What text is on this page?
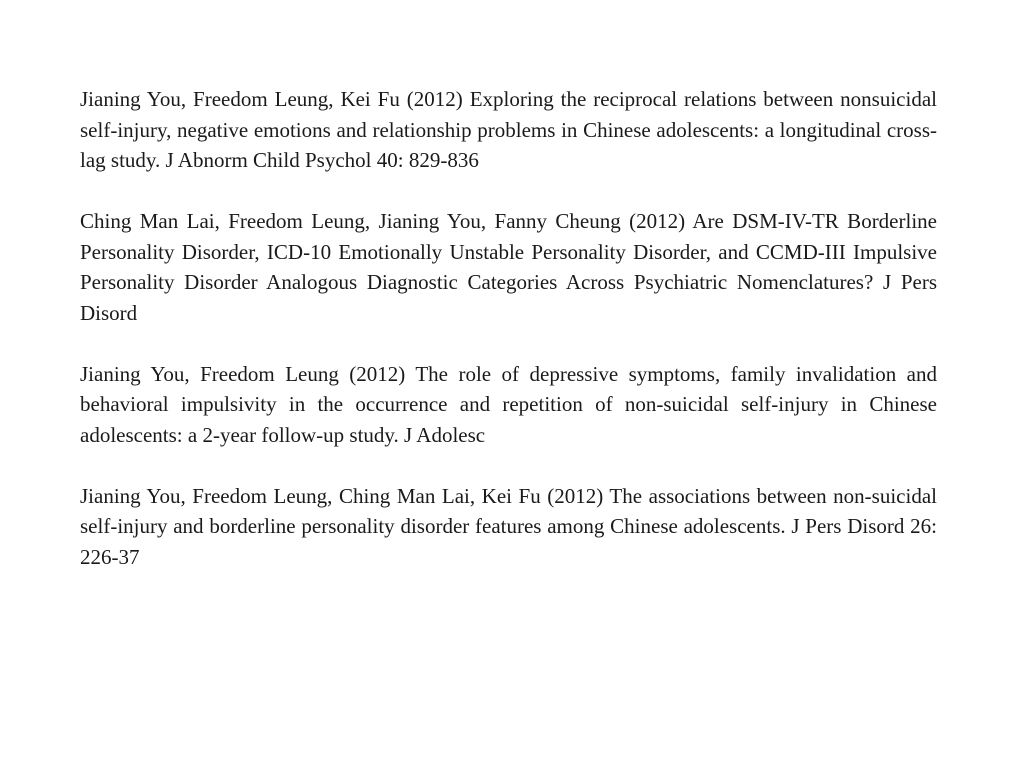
Jianing You, Freedom Leung, Kei Fu (2012) Exploring the reciprocal relations between nonsuicidal self-injury, negative emotions and relationship problems in Chinese adolescents: a longitudinal cross-lag study. J Abnorm Child Psychol 40: 829-836
Ching Man Lai, Freedom Leung, Jianing You, Fanny Cheung (2012) Are DSM-IV-TR Borderline Personality Disorder, ICD-10 Emotionally Unstable Personality Disorder, and CCMD-III Impulsive Personality Disorder Analogous Diagnostic Categories Across Psychiatric Nomenclatures? J Pers Disord
Jianing You, Freedom Leung (2012) The role of depressive symptoms, family invalidation and behavioral impulsivity in the occurrence and repetition of non-suicidal self-injury in Chinese adolescents: a 2-year follow-up study. J Adolesc
Jianing You, Freedom Leung, Ching Man Lai, Kei Fu (2012) The associations between non-suicidal self-injury and borderline personality disorder features among Chinese adolescents. J Pers Disord 26: 226-37
